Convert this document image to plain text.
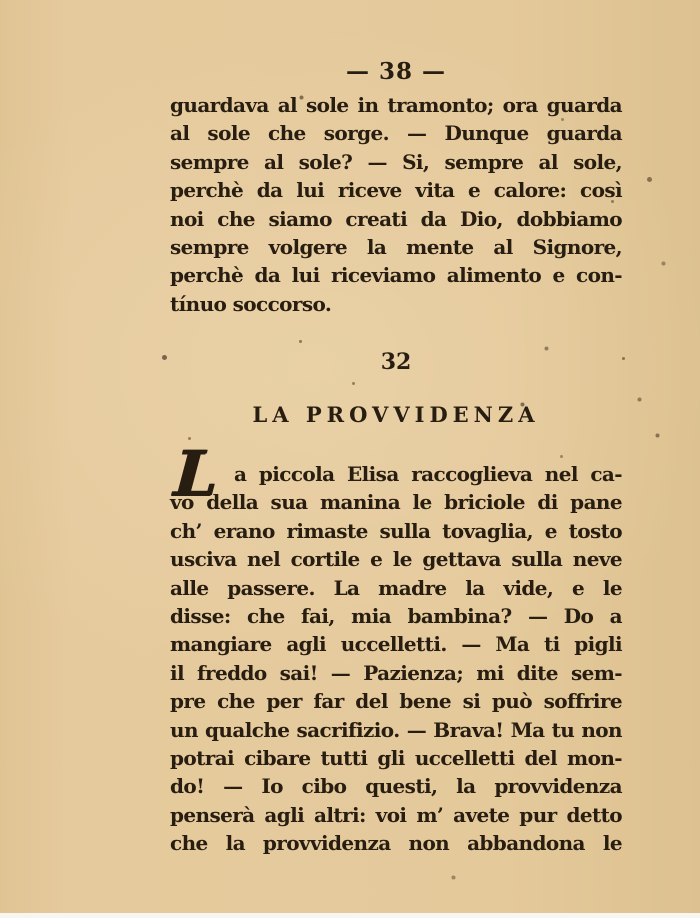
— 38 —
guardava al sole in tramonto; ora guarda
al sole che sorge. — Dunque guarda
sempre al sole? — Si, sempre al sole,
perchè da lui riceve vita e calore: così
noi che siamo creati da Dio, dobbiamo
sempre volgere la mente al Signore,
perchè da lui riceviamo alimento e con-
tínuo soccorso.
32
LA PROVVIDENZA
L a piccola Elisa raccoglieva nel ca-
vo della sua manina le briciole di pane
ch’ erano rimaste sulla tovaglia, e tosto
usciva nel cortile e le gettava sulla neve
alle passere. La madre la vide, e le
disse: che fai, mia bambina? — Do a
mangiare agli uccelletti. — Ma ti pigli
il freddo sai! — Pazienza; mi dite sem-
pre che per far del bene si può soffrire
un qualche sacrifizio. — Brava! Ma tu non
potrai cibare tutti gli uccelletti del mon-
do! — Io cibo questi, la provvidenza
penserà agli altri: voi m’ avete pur detto
che la provvidenza non abbandona le
